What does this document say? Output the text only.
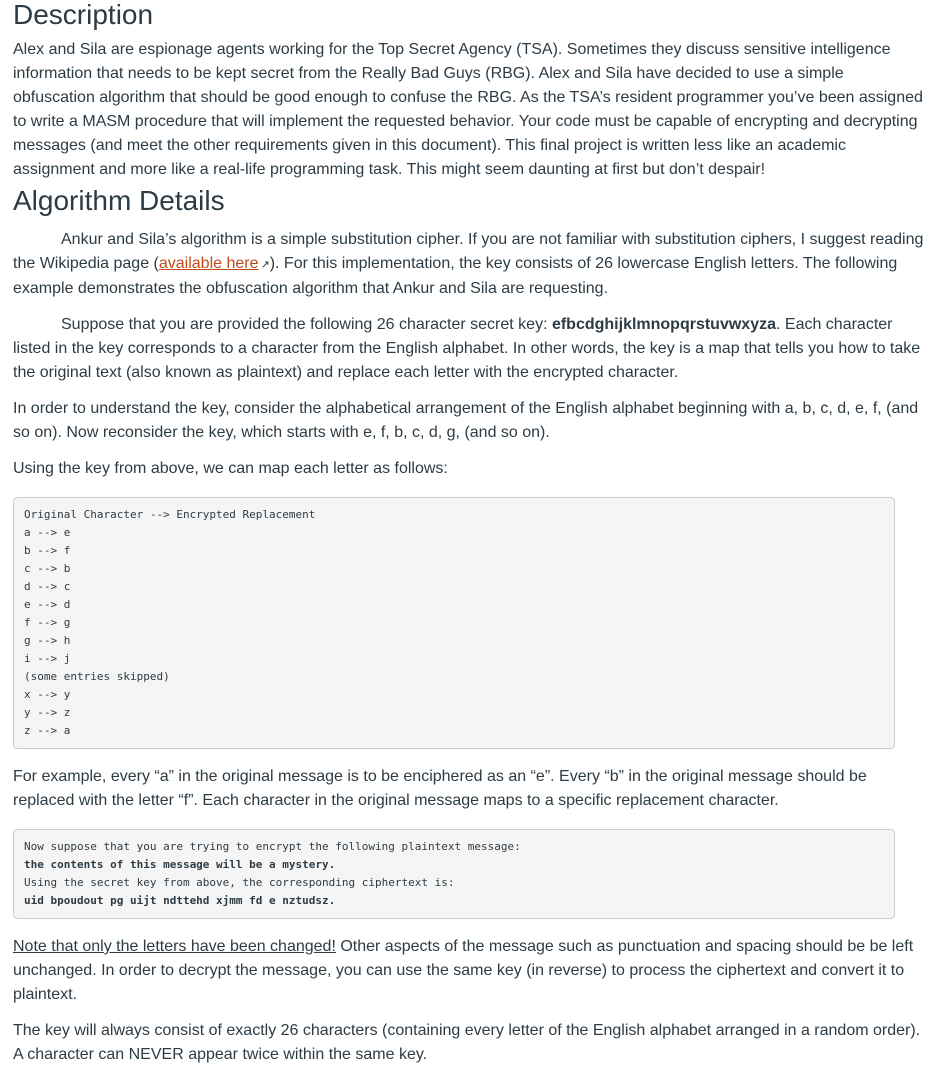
Description

Alex and Sila are espionage agents working for the Top Secret Agency (TSA). Sometimes they discuss sensitive intelligence information that needs to be kept secret from the Really Bad Guys (RBG). Alex and Sila have decided to use a simple obfuscation algorithm that should be good enough to confuse the RBG. As the TSA’s resident programmer you’ve been assigned to write a MASM procedure that will implement the requested behavior. Your code must be capable of encrypting and decrypting messages (and meet the other requirements given in this document). This final project is written less like an academic assignment and more like a real-life programming task. This might seem daunting at first but don’t despair!

Algorithm Details

Ankur and Sila’s algorithm is a simple substitution cipher. If you are not familiar with substitution ciphers, I suggest reading the Wikipedia page (available here ↗). For this implementation, the key consists of 26 lowercase English letters. The following example demonstrates the obfuscation algorithm that Ankur and Sila are requesting.

Suppose that you are provided the following 26 character secret key: efbcdghijklmnopqrstuvwxyza. Each character listed in the key corresponds to a character from the English alphabet. In other words, the key is a map that tells you how to take the original text (also known as plaintext) and replace each letter with the encrypted character.

In order to understand the key, consider the alphabetical arrangement of the English alphabet beginning with a, b, c, d, e, f, (and so on). Now reconsider the key, which starts with e, f, b, c, d, g, (and so on).

Using the key from above, we can map each letter as follows:

Original Character --> Encrypted Replacement
a --> e
b --> f
c --> b
d --> c
e --> d
f --> g
g --> h
i --> j
(some entries skipped)
x --> y
y --> z
z --> a

For example, every “a” in the original message is to be enciphered as an “e”. Every “b” in the original message should be replaced with the letter “f”. Each character in the original message maps to a specific replacement character.

Now suppose that you are trying to encrypt the following plaintext message:
the contents of this message will be a mystery.
Using the secret key from above, the corresponding ciphertext is:
uid bpoudout pg uijt ndttehd xjmm fd e nztudsz.

Note that only the letters have been changed! Other aspects of the message such as punctuation and spacing should be be left unchanged. In order to decrypt the message, you can use the same key (in reverse) to process the ciphertext and convert it to plaintext.

The key will always consist of exactly 26 characters (containing every letter of the English alphabet arranged in a random order). A character can NEVER appear twice within the same key.
